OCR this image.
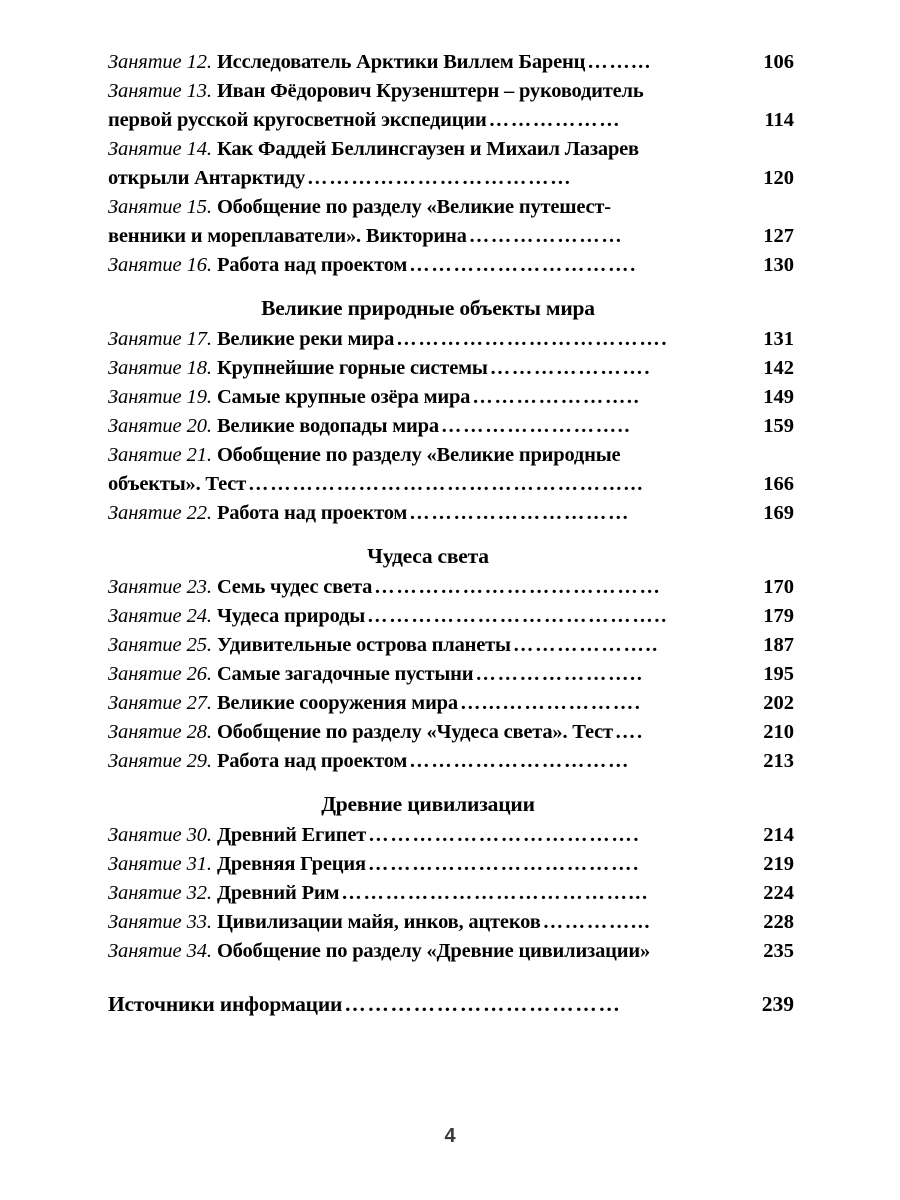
Занятие 12. Исследователь Арктики Виллем Баренц ……...	106
Занятие 13. Иван Фёдорович Крузенштерн – руководитель
первой русской кругосветной экспедиции ………………	114
Занятие 14. Как Фаддей Беллинсгаузен и Михаил Лазарев
открыли Антарктиду ………………………………	120
Занятие 15. Обобщение по разделу «Великие путешест-
венники и мореплаватели». Викторина …………………	127
Занятие 16. Работа над проектом ………………………….	130
Великие природные объекты мира
Занятие 17. Великие реки мира ……………………………….	131
Занятие 18. Крупнейшие горные системы ………………….	142
Занятие 19. Самые крупные озёра мира …………………..	149
Занятие 20. Великие водопады мира ……………………..	159
Занятие 21. Обобщение по разделу «Великие природные
объекты». Тест ……………………………………………...	166
Занятие 22. Работа над проектом …………………………	169
Чудеса света
Занятие 23. Семь чудес света …………………………………	170
Занятие 24. Чудеса природы …………………………………..	179
Занятие 25. Удивительные острова планеты ………………..	187
Занятие 26. Самые загадочные пустыни …………………..	195
Занятие 27. Великие сооружения мира …...……………….	202
Занятие 28. Обобщение по разделу «Чудеса света». Тест ….	210
Занятие 29. Работа над проектом …………………………	213
Древние цивилизации
Занятие 30. Древний Египет ……………………………….	214
Занятие 31. Древняя Греция ……………………………….	219
Занятие 32. Древний Рим …………………………………...	224
Занятие 33. Цивилизации майя, инков, ацтеков …………...	228
Занятие 34. Обобщение по разделу «Древние цивилизации»	235
Источники информации ………………………………	239
4
